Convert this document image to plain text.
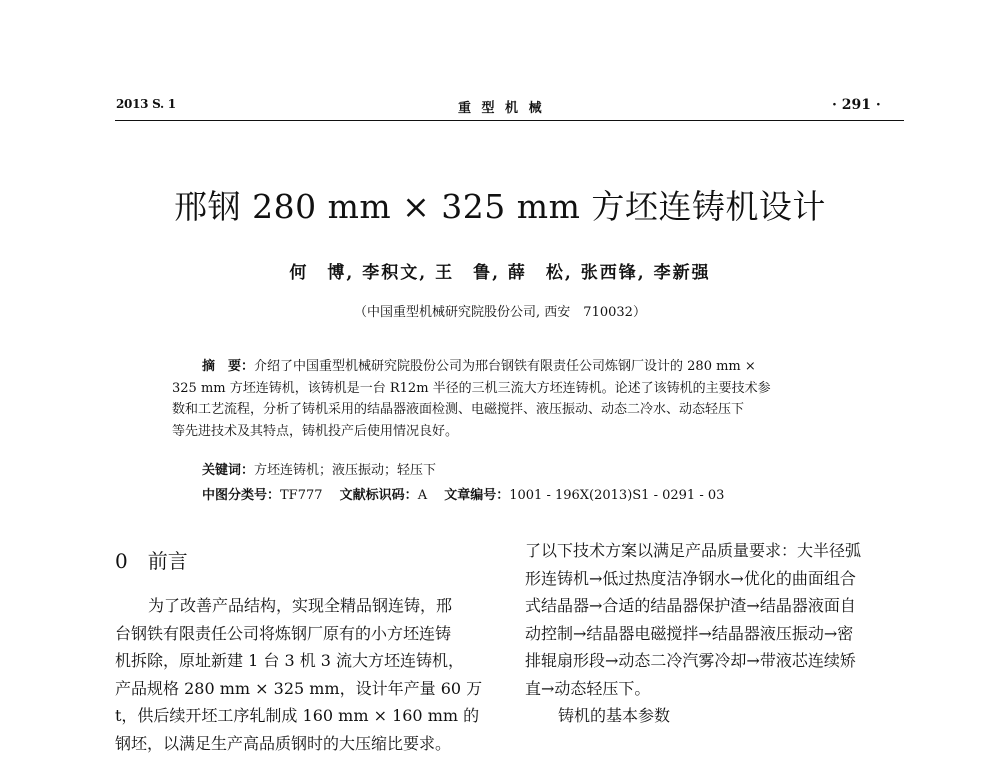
2013 S. 1	重 型 机 械	· 291 ·
邢钢 280 mm × 325 mm 方坯连铸机设计
何　博, 李积文, 王　鲁, 薛　松, 张西锋, 李新强
（中国重型机械研究院股份公司, 西安　710032）
摘　要：介绍了中国重型机械研究院股份公司为邢台钢铁有限责任公司炼钢厂设计的 280 mm ×
325 mm 方坯连铸机，该铸机是一台 R12m 半径的三机三流大方坯连铸机。论述了该铸机的主要技术参
数和工艺流程，分析了铸机采用的结晶器液面检测、电磁搅拌、液压振动、动态二冷水、动态轻压下
等先进技术及其特点，铸机投产后使用情况良好。
关键词：方坯连铸机；液压振动；轻压下
中图分类号：TF777  文献标识码：A  文章编号：1001 - 196X(2013)S1 - 0291 - 03
0 前言
为了改善产品结构，实现全精品钢连铸，邢
台钢铁有限责任公司将炼钢厂原有的小方坯连铸
机拆除，原址新建 1 台 3 机 3 流大方坯连铸机，
产品规格 280 mm × 325 mm，设计年产量 60 万
t，供后续开坯工序轧制成 160 mm × 160 mm 的
钢坯，以满足生产高品质钢时的大压缩比要求。
了以下技术方案以满足产品质量要求：大半径弧
形连铸机→低过热度洁净钢水→优化的曲面组合
式结晶器→合适的结晶器保护渣→结晶器液面自
动控制→结晶器电磁搅拌→结晶器液压振动→密
排辊扇形段→动态二冷汽雾冷却→带液芯连续矫
直→动态轻压下。
铸机的基本参数
